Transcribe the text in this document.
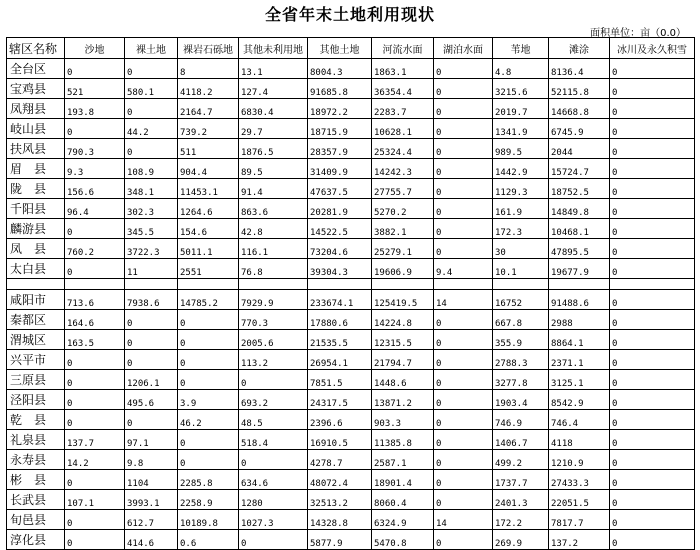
全省年末土地利用现状
面积单位：亩（0.0）
辖区名称	沙地	裸土地	裸岩石砾地	其他未利用地	其他土地	河流水面	湖泊水面	苇地	滩涂	冰川及永久积雪
全台区	0	0	8	13.1	8004.3	1863.1	0	4.8	8136.4	0
宝鸡县	521	580.1	4118.2	127.4	91685.8	36354.4	0	3215.6	52115.8	0
凤翔县	193.8	0	2164.7	6830.4	18972.2	2283.7	0	2019.7	14668.8	0
岐山县	0	44.2	739.2	29.7	18715.9	10628.1	0	1341.9	6745.9	0
扶风县	790.3	0	511	1876.5	28357.9	25324.4	0	989.5	2044	0
眉　县	9.3	108.9	904.4	89.5	31409.9	14242.3	0	1442.9	15724.7	0
陇　县	156.6	348.1	11453.1	91.4	47637.5	27755.7	0	1129.3	18752.5	0
千阳县	96.4	302.3	1264.6	863.6	20281.9	5270.2	0	161.9	14849.8	0
麟游县	0	345.5	154.6	42.8	14522.5	3882.1	0	172.3	10468.1	0
凤　县	760.2	3722.3	5011.1	116.1	73204.6	25279.1	0	30	47895.5	0
太白县	0	11	2551	76.8	39304.3	19606.9	9.4	10.1	19677.9	0

咸阳市	713.6	7938.6	14785.2	7929.9	233674.1	125419.5	14	16752	91488.6	0
秦都区	164.6	0	0	770.3	17880.6	14224.8	0	667.8	2988	0
渭城区	163.5	0	0	2005.6	21535.5	12315.5	0	355.9	8864.1	0
兴平市	0	0	0	113.2	26954.1	21794.7	0	2788.3	2371.1	0
三原县	0	1206.1	0	0	7851.5	1448.6	0	3277.8	3125.1	0
泾阳县	0	495.6	3.9	693.2	24317.5	13871.2	0	1903.4	8542.9	0
乾　县	0	0	46.2	48.5	2396.6	903.3	0	746.9	746.4	0
礼泉县	137.7	97.1	0	518.4	16910.5	11385.8	0	1406.7	4118	0
永寿县	14.2	9.8	0	0	4278.7	2587.1	0	499.2	1210.9	0
彬　县	0	1104	2285.8	634.6	48072.4	18901.4	0	1737.7	27433.3	0
长武县	107.1	3993.1	2258.9	1280	32513.2	8060.4	0	2401.3	22051.5	0
旬邑县	0	612.7	10189.8	1027.3	14328.8	6324.9	14	172.2	7817.7	0
淳化县	0	414.6	0.6	0	5877.9	5470.8	0	269.9	137.2	0
